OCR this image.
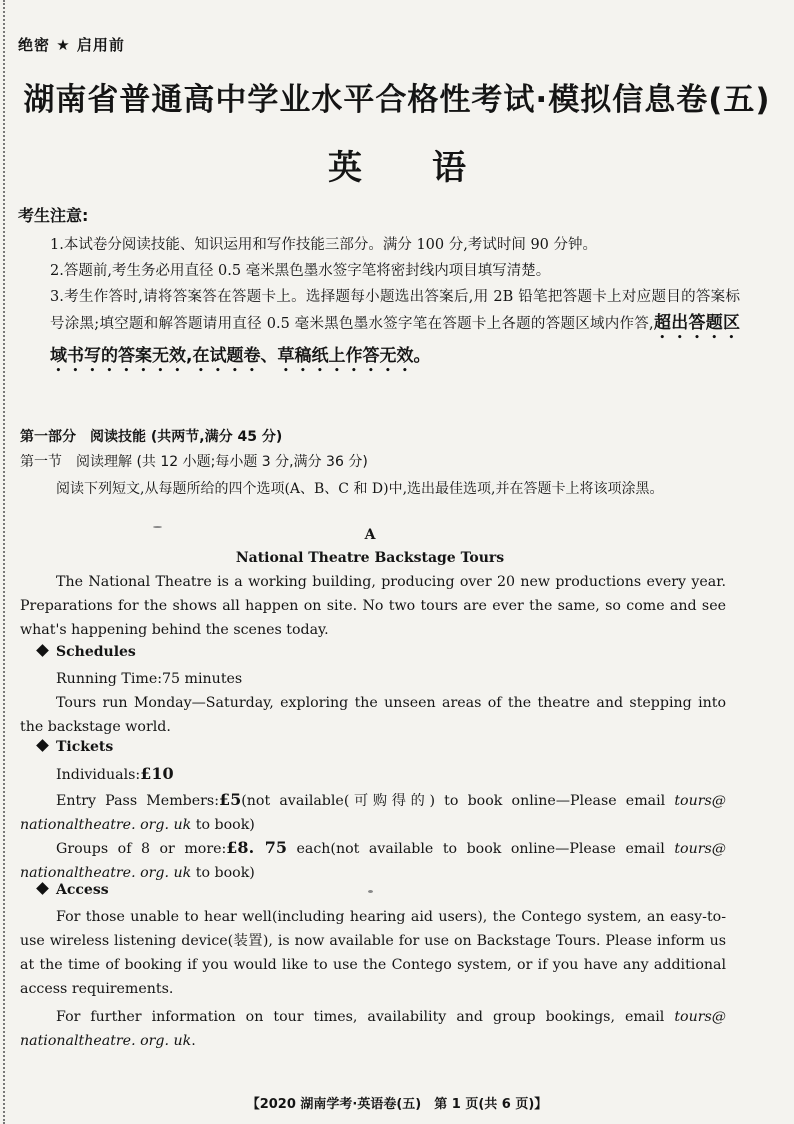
绝密 ★ 启用前
湖南省普通高中学业水平合格性考试·模拟信息卷(五)
英语
考生注意:
1.本试卷分阅读技能、知识运用和写作技能三部分。满分 100 分,考试时间 90 分钟。
2.答题前,考生务必用直径 0.5 毫米黑色墨水签字笔将密封线内项目填写清楚。
3.考生作答时,请将答案答在答题卡上。选择题每小题选出答案后,用 2B 铅笔把答题卡上对应题目的答案标号涂黑;填空题和解答题请用直径 0.5 毫米黑色墨水签字笔在答题卡上各题的答题区域内作答,超出答题区域书写的答案无效,在试题卷、草稿纸上作答无效。
第一部分　阅读技能 (共两节,满分 45 分)
第一节　阅读理解 (共 12 小题;每小题 3 分,满分 36 分)
阅读下列短文,从每题所给的四个选项(A、B、C 和 D)中,选出最佳选项,并在答题卡上将该项涂黑。
A
National Theatre Backstage Tours
The National Theatre is a working building, producing over 20 new productions every year. Preparations for the shows all happen on site. No two tours are ever the same, so come and see what's happening behind the scenes today.
Schedules
Running Time:75 minutes
Tours run Monday—Saturday, exploring the unseen areas of the theatre and stepping into the backstage world.
Tickets
Individuals:£10
Entry Pass Members:£5(not available(可购得的) to book online—Please email tours@ nationaltheatre. org. uk to book)
Groups of 8 or more:£8. 75 each(not available to book online—Please email tours@ nationaltheatre. org. uk to book)
Access
For those unable to hear well(including hearing aid users), the Contego system, an easy-to-use wireless listening device(装置), is now available for use on Backstage Tours. Please inform us at the time of booking if you would like to use the Contego system, or if you have any additional access requirements.
For further information on tour times, availability and group bookings, email tours@ nationaltheatre. org. uk.
【2020 湖南学考·英语卷(五)　第 1 页(共 6 页)】
